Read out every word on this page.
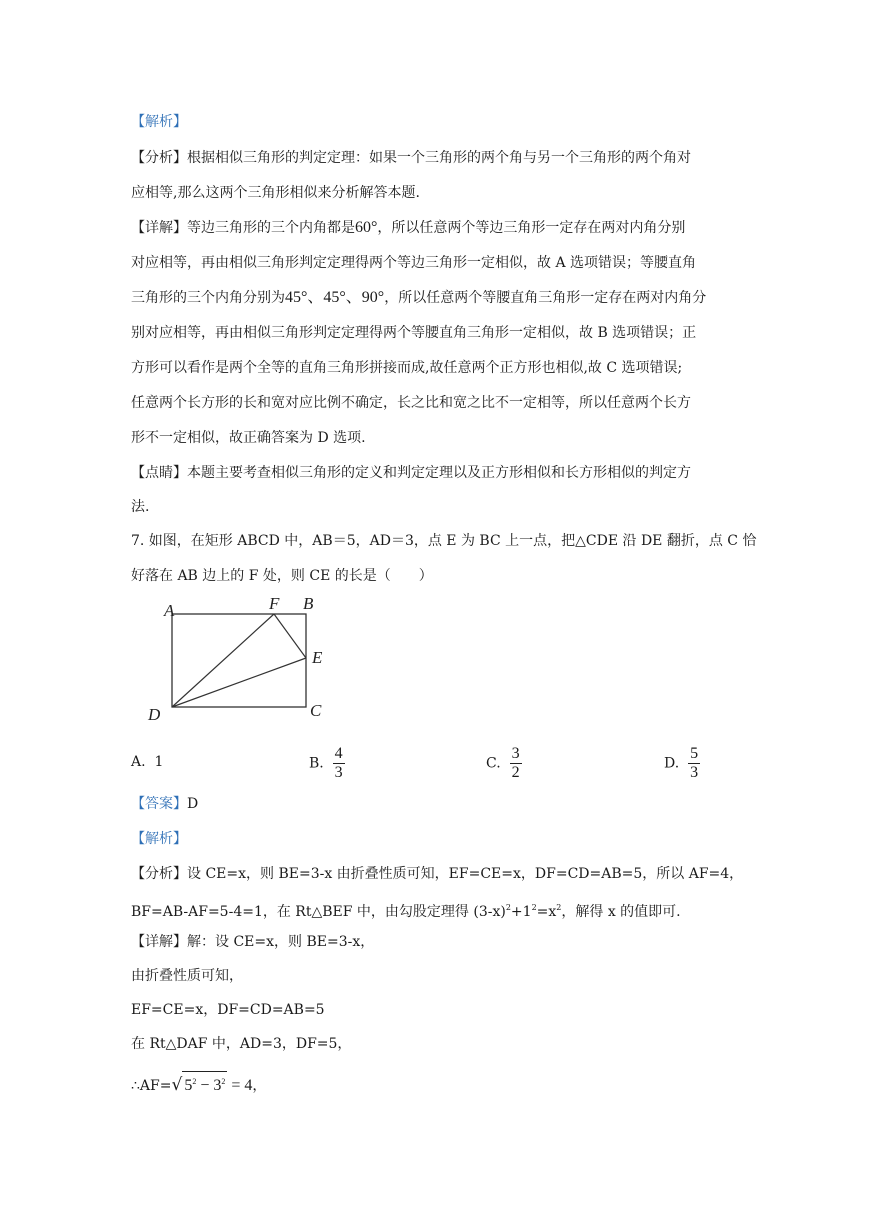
【解析】
【分析】根据相似三角形的判定定理：如果一个三角形的两个角与另一个三角形的两个角对
应相等,那么这两个三角形相似来分析解答本题.
【详解】等边三角形的三个内角都是60°，所以任意两个等边三角形一定存在两对内角分别
对应相等，再由相似三角形判定定理得两个等边三角形一定相似，故 A 选项错误；等腰直角
三角形的三个内角分别为45°、45°、90°，所以任意两个等腰直角三角形一定存在两对内角分
别对应相等，再由相似三角形判定定理得两个等腰直角三角形一定相似，故 B 选项错误；正
方形可以看作是两个全等的直角三角形拼接而成,故任意两个正方形也相似,故 C 选项错误;
任意两个长方形的长和宽对应比例不确定，长之比和宽之比不一定相等，所以任意两个长方
形不一定相似，故正确答案为 D 选项.
【点睛】本题主要考查相似三角形的定义和判定定理以及正方形相似和长方形相似的判定方
法.
7. 如图，在矩形 ABCD 中，AB＝5，AD＝3，点 E 为 BC 上一点，把△CDE 沿 DE 翻折，点 C 恰
好落在 AB 边上的 F 处，则 CE 的长是（　　）
A	F B
E
D	C
A. 1	B. $\frac{4}{3}$	C. $\frac{3}{2}$	D. $\frac{5}{3}$
【答案】D
【解析】
【分析】设 CE=x，则 BE=3-x 由折叠性质可知，EF=CE=x，DF=CD=AB=5，所以 AF=4，
BF=AB-AF=5-4=1，在 Rt△BEF 中，由勾股定理得 $(3-x)^2+1^2=x^2$，解得 x 的值即可.
【详解】解：设 CE=x，则 BE=3-x，
由折叠性质可知，
EF=CE=x，DF=CD=AB=5
在 Rt△DAF 中，AD=3，DF=5，
∴AF=√ $5^2 - 3^2 = 4$，
